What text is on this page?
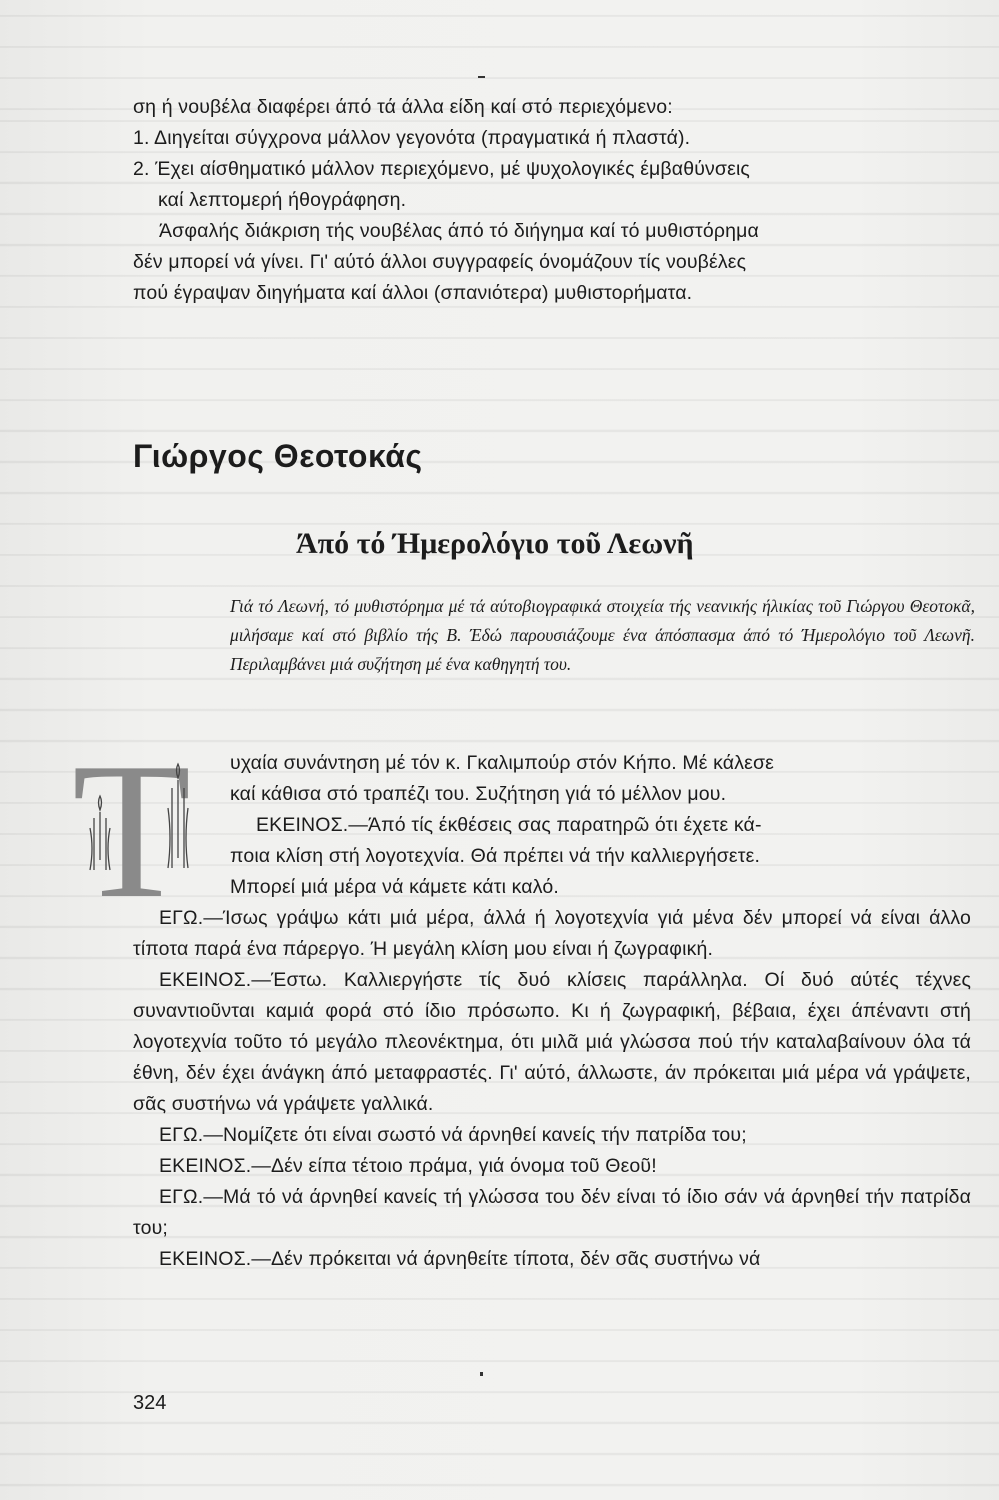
ση ή νουβέλα διαφέρει άπό τά άλλα είδη καί στό περιεχόμενο:

1. Διηγείται σύγχρονα μάλλον γεγονότα (πραγματικά ή πλαστά).

2. Έχει αίσθηματικό μάλλον περιεχόμενο, μέ ψυχολογικές έμβαθύνσεις

καί λεπτομερή ήθογράφηση.

Άσφαλής διάκριση τής νουβέλας άπό τό διήγημα καί τό μυθιστόρημα

δέν μπορεί νά γίνει. Γι' αύτό άλλοι συγγραφείς όνομάζουν τίς νουβέλες

πού έγραψαν διηγήματα καί άλλοι (σπανιότερα) μυθιστορήματα.

Γιώργος Θεοτοκάς
Άπό τό Ήμερολόγιο τοῦ Λεωνῆ

Γιά τό Λεωνή, τό μυθιστόρημα μέ τά αύτοβιογραφικά στοιχεία τής νεανικής ήλικίας τοῦ Γιώργου Θεοτοκᾶ, μιλήσαμε καί στό βιβλίο τής Β. Έδώ παρουσιάζουμε ένα άπόσπασμα άπό τό Ήμερολόγιο τοῦ Λεωνῆ. Περιλαμβάνει μιά συζήτηση μέ ένα καθηγητή του.

Τ υχαία συνάντηση μέ τόν κ. Γκαλιμπούρ στόν Κήπο. Μέ κάλεσε

καί κάθισα στό τραπέζι του. Συζήτηση γιά τό μέλλον μου.

ΕΚΕΙΝΟΣ.—Άπό τίς έκθέσεις σας παρατηρῶ ότι έχετε κά-

ποια κλίση στή λογοτεχνία. Θά πρέπει νά τήν καλλιεργήσετε.

Μπορεί μιά μέρα νά κάμετε κάτι καλό.

ΕΓΩ.—Ίσως γράψω κάτι μιά μέρα, άλλά ή λογοτεχνία γιά μένα δέν μπορεί νά είναι άλλο τίποτα παρά ένα πάρεργο. Ή μεγάλη κλίση μου είναι ή ζωγραφική.

ΕΚΕΙΝΟΣ.—Έστω. Καλλιεργήστε τίς δυό κλίσεις παράλληλα. Οί δυό αύτές τέχνες συναντιοῦνται καμιά φορά στό ίδιο πρόσωπο. Κι ή ζωγραφική, βέβαια, έχει άπέναντι στή λογοτεχνία τοῦτο τό μεγάλο πλεονέκτημα, ότι μιλᾶ μιά γλώσσα πού τήν καταλαβαίνουν όλα τά έθνη, δέν έχει άνάγκη άπό μεταφραστές. Γι' αύτό, άλλωστε, άν πρόκειται μιά μέρα νά γράψετε, σᾶς συστήνω νά γράψετε γαλλικά.

ΕΓΩ.—Νομίζετε ότι είναι σωστό νά άρνηθεί κανείς τήν πατρίδα του;

ΕΚΕΙΝΟΣ.—Δέν είπα τέτοιο πράμα, γιά όνομα τοῦ Θεοῦ!

ΕΓΩ.—Μά τό νά άρνηθεί κανείς τή γλώσσα του δέν είναι τό ίδιο σάν νά άρνηθεί τήν πατρίδα του;

ΕΚΕΙΝΟΣ.—Δέν πρόκειται νά άρνηθείτε τίποτα, δέν σᾶς συστήνω νά

324
